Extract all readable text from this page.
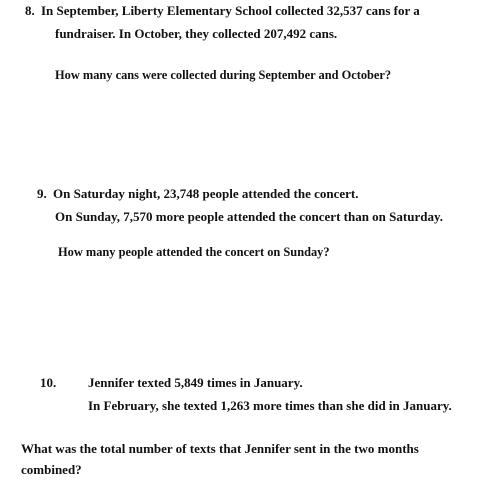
8. In September, Liberty Elementary School collected 32,537 cans for a
fundraiser. In October, they collected 207,492 cans.
How many cans were collected during September and October?
9. On Saturday night, 23,748 people attended the concert.
On Sunday, 7,570 more people attended the concert than on Saturday.
How many people attended the concert on Sunday?
10. Jennifer texted 5,849 times in January.
In February, she texted 1,263 more times than she did in January.
What was the total number of texts that Jennifer sent in the two months
combined?
